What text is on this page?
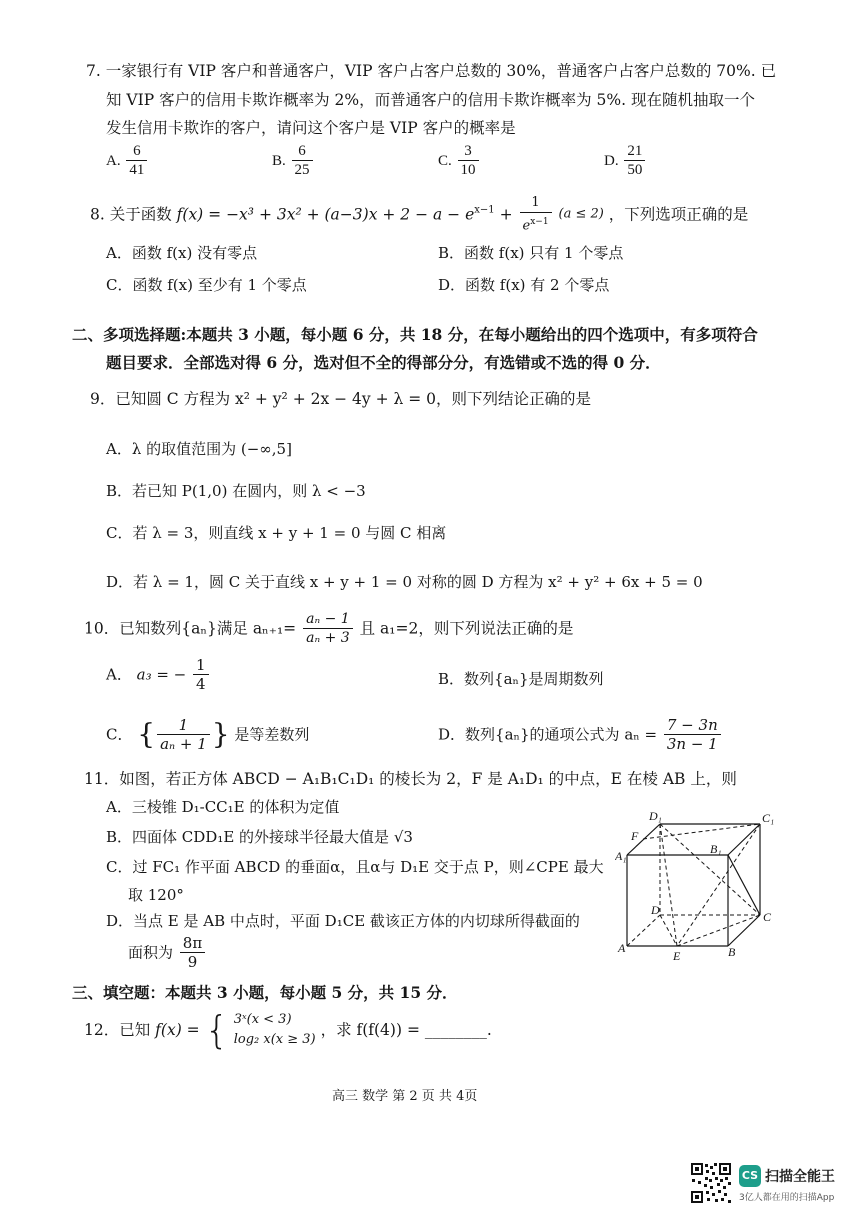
7. 一家银行有 VIP 客户和普通客户，VIP 客户占客户总数的 30%，普通客户占客户总数的 70%. 已
知 VIP 客户的信用卡欺诈概率为 2%，而普通客户的信用卡欺诈概率为 5%. 现在随机抽取一个
发生信用卡欺诈的客户，请问这个客户是 VIP 客户的概率是
A. $\frac{6}{41}$	B. $\frac{6}{25}$	C. $\frac{3}{10}$	D. $\frac{21}{50}$
8. 关于函数 $f(x) = -x^3 + 3x^2 + (a-3)x + 2 - a - e^{x-1} + \frac{1}{e^{x-1}} (a \le 2)$ ，下列选项正确的是
A．函数 f(x) 没有零点	B．函数 f(x) 只有 1 个零点
C．函数 f(x) 至少有 1 个零点	D．函数 f(x) 有 2 个零点
二、多项选择题:本题共 3 小题，每小题 6 分，共 18 分，在每小题给出的四个选项中，有多项符合
题目要求．全部选对得 6 分，选对但不全的得部分分，有选错或不选的得 0 分．
9．已知圆 C 方程为 x² + y² + 2x − 4y + λ = 0，则下列结论正确的是
A．λ 的取值范围为 (−∞,5]
B．若已知 P(1,0) 在圆内，则 λ < −3
C．若 λ = 3，则直线 x + y + 1 = 0 与圆 C 相离
D．若 λ = 1，圆 C 关于直线 x + y + 1 = 0 对称的圆 D 方程为 x² + y² + 6x + 5 = 0
10．已知数列{aₙ}满足 $a_{n+1}= \frac{\text{aₙ − 1}}{\text{aₙ + 3}}$ 且 a₁=2，则下列说法正确的是
A． a₃ = − $\frac{1}{4}$	B．数列{aₙ}是周期数列
C． { $\frac{1}{\text{aₙ + 1}}$ } 是等差数列	D．数列{aₙ}的通项公式为 $a_n = \frac{7 - 3n}{3n - 1}$
11．如图，若正方体 ABCD − A₁B₁C₁D₁ 的棱长为 2，F 是 A₁D₁ 的中点，E 在棱 AB 上，则
A．三棱锥 D₁-CC₁E 的体积为定值
B．四面体 CDD₁E 的外接球半径最大值是 √3
C．过 FC₁ 作平面 ABCD 的垂面α，且α与 D₁E 交于点 P，则∠CPE 最大
取 120°
D．当点 E 是 AB 中点时，平面 D₁CE 截该正方体的内切球所得截面的
面积为 $\frac{8\pi}{9}$
D₁	C₁
F
A₁	B₁
D	C
A
E	B
三、填空题：本题共 3 小题，每小题 5 分，共 15 分．
12．已知 f(x) = { 3ˣ(x < 3)
log₂ x(x ≥ 3)
，求 f(f(4)) = ________.
高三 数学 第 2 页 共 4页
CS 扫描全能王
3亿人都在用的扫描App
